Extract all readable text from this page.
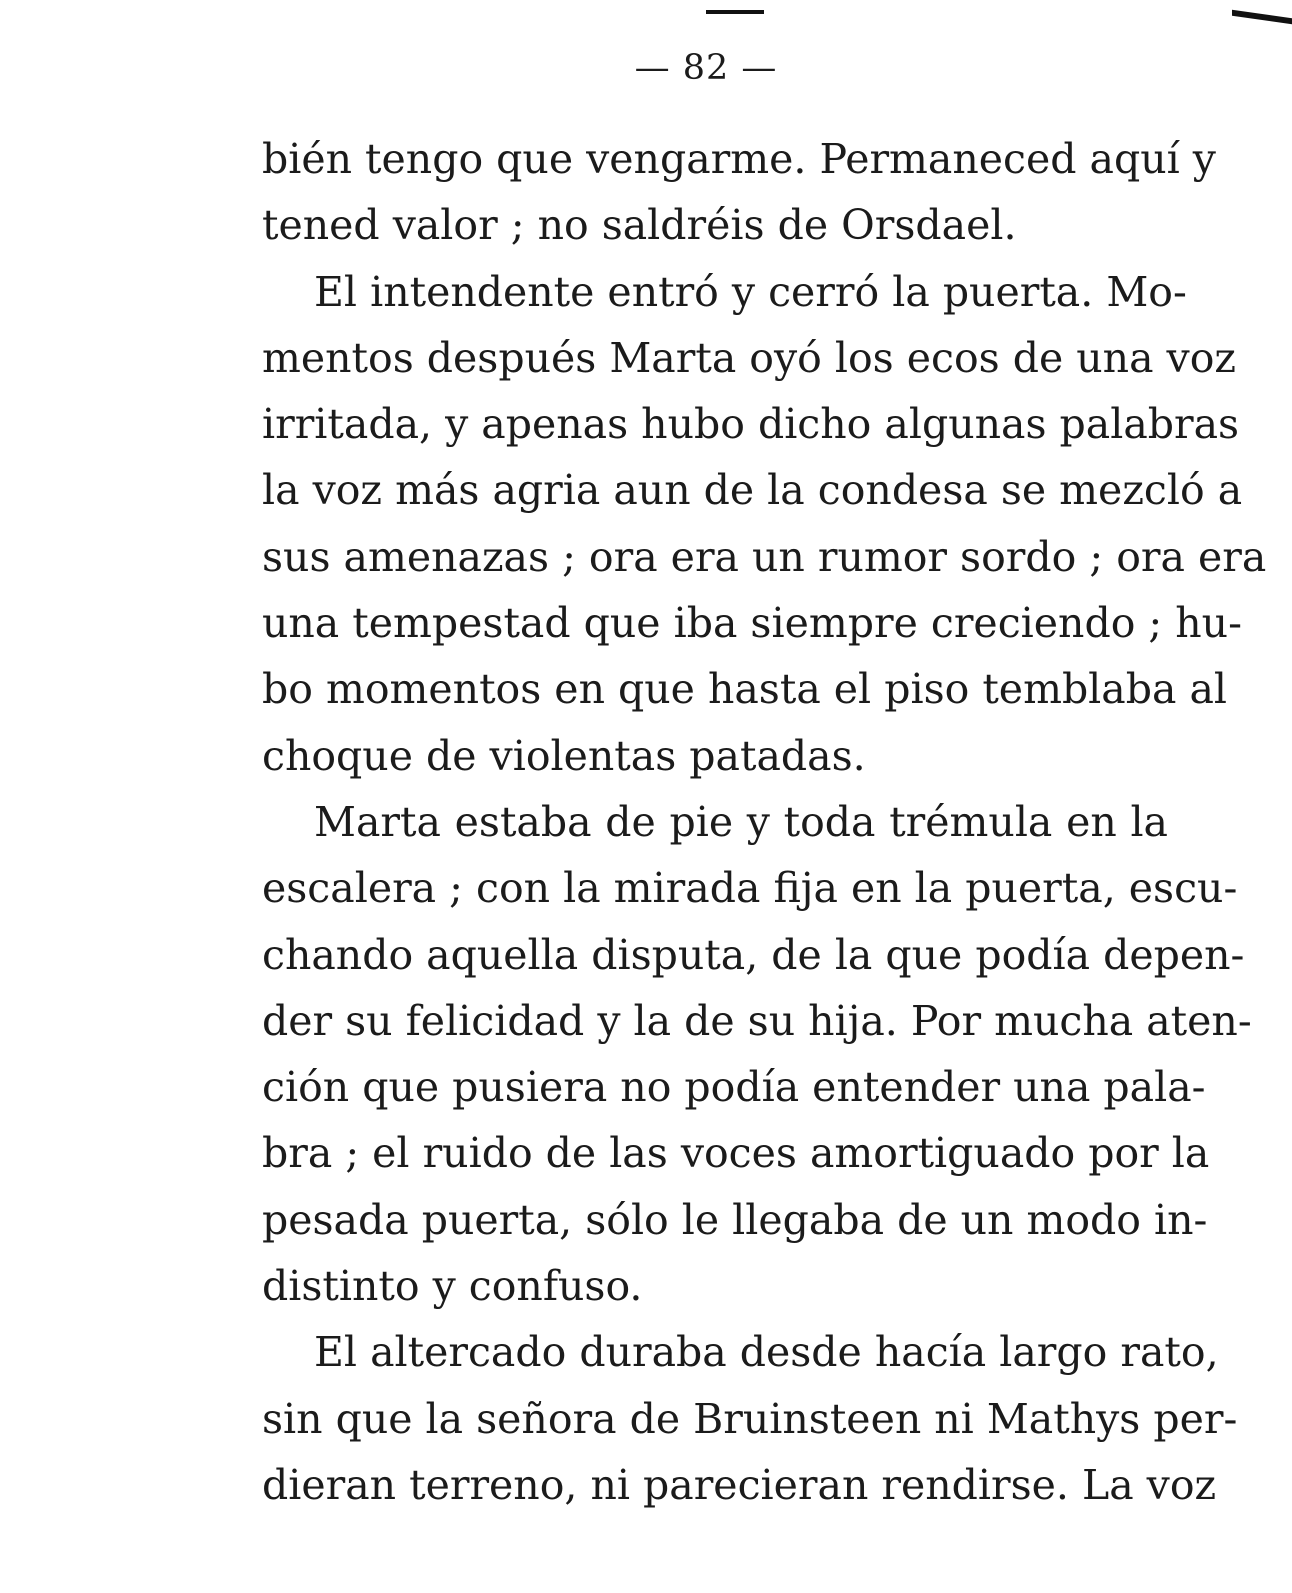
— 82 —
bién tengo que vengarme. Permaneced aquí y
tened valor ; no saldréis de Orsdael.
El intendente entró y cerró la puerta. Mo-
mentos después Marta oyó los ecos de una voz
irritada, y apenas hubo dicho algunas palabras
la voz más agria aun de la condesa se mezcló a
sus amenazas ; ora era un rumor sordo ; ora era
una tempestad que iba siempre creciendo ; hu-
bo momentos en que hasta el piso temblaba al
choque de violentas patadas.
Marta estaba de pie y toda trémula en la
escalera ; con la mirada fija en la puerta, escu-
chando aquella disputa, de la que podía depen-
der su felicidad y la de su hija. Por mucha aten-
ción que pusiera no podía entender una pala-
bra ; el ruido de las voces amortiguado por la
pesada puerta, sólo le llegaba de un modo in-
distinto y confuso.
El altercado duraba desde hacía largo rato,
sin que la señora de Bruinsteen ni Mathys per-
dieran terreno, ni parecieran rendirse. La voz
